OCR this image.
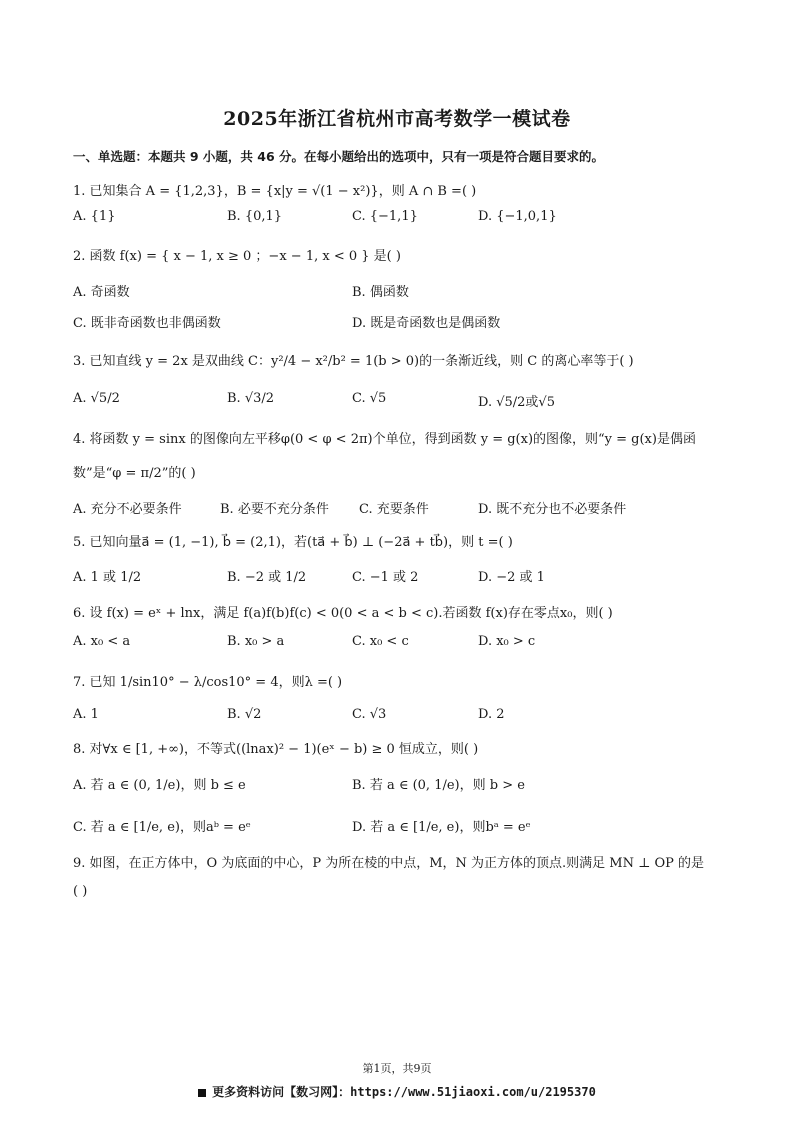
2025年浙江省杭州市高考数学一模试卷
一、单选题：本题共 9 小题，共 46 分。在每小题给出的选项中，只有一项是符合题目要求的。
1. 已知集合 A = {1,2,3}，B = {x|y = √(1 − x²)}，则 A ∩ B =( )
A. {1}	B. {0,1}	C. {−1,1}	D. {−1,0,1}
2. 函数 f(x) = { x − 1, x ≥ 0 ；−x − 1, x < 0 } 是( )
A. 奇函数	B. 偶函数
C. 既非奇函数也非偶函数	D. 既是奇函数也是偶函数
3. 已知直线 y = 2x 是双曲线 C：y²/4 − x²/b² = 1(b > 0)的一条渐近线，则 C 的离心率等于( )
A. √5/2	B. √3/2	C. √5	D. √5/2或√5
4. 将函数 y = sinx 的图像向左平移φ(0 < φ < 2π)个单位，得到函数 y = g(x)的图像，则“y = g(x)是偶函
数”是“φ = π/2”的( )
A. 充分不必要条件	B. 必要不充分条件 C. 充要条件	D. 既不充分也不必要条件
5. 已知向量a⃗ = (1, −1), b⃗ = (2,1)，若(ta⃗ + b⃗) ⊥ (−2a⃗ + tb⃗)，则 t =( )
A. 1 或 1/2	B. −2 或 1/2	C. −1 或 2	D. −2 或 1
6. 设 f(x) = eˣ + lnx，满足 f(a)f(b)f(c) < 0(0 < a < b < c).若函数 f(x)存在零点x₀，则( )
A. x₀ < a	B. x₀ > a	C. x₀ < c	D. x₀ > c
7. 已知 1/sin10° − λ/cos10° = 4，则λ =( )
A. 1	B. √2	C. √3	D. 2
8. 对∀x ∈ [1, +∞)，不等式((lnax)² − 1)(eˣ − b) ≥ 0 恒成立，则( )
A. 若 a ∈ (0, 1/e)，则 b ≤ e	B. 若 a ∈ (0, 1/e)，则 b > e
C. 若 a ∈ [1/e, e)，则aᵇ = eᵉ	D. 若 a ∈ [1/e, e)，则bᵃ = eᵉ
9. 如图，在正方体中，O 为底面的中心，P 为所在棱的中点，M，N 为正方体的顶点.则满足 MN ⊥ OP 的是
( )
第1页，共9页
更多资料访问【数习网】：https://www.51jiaoxi.com/u/2195370
